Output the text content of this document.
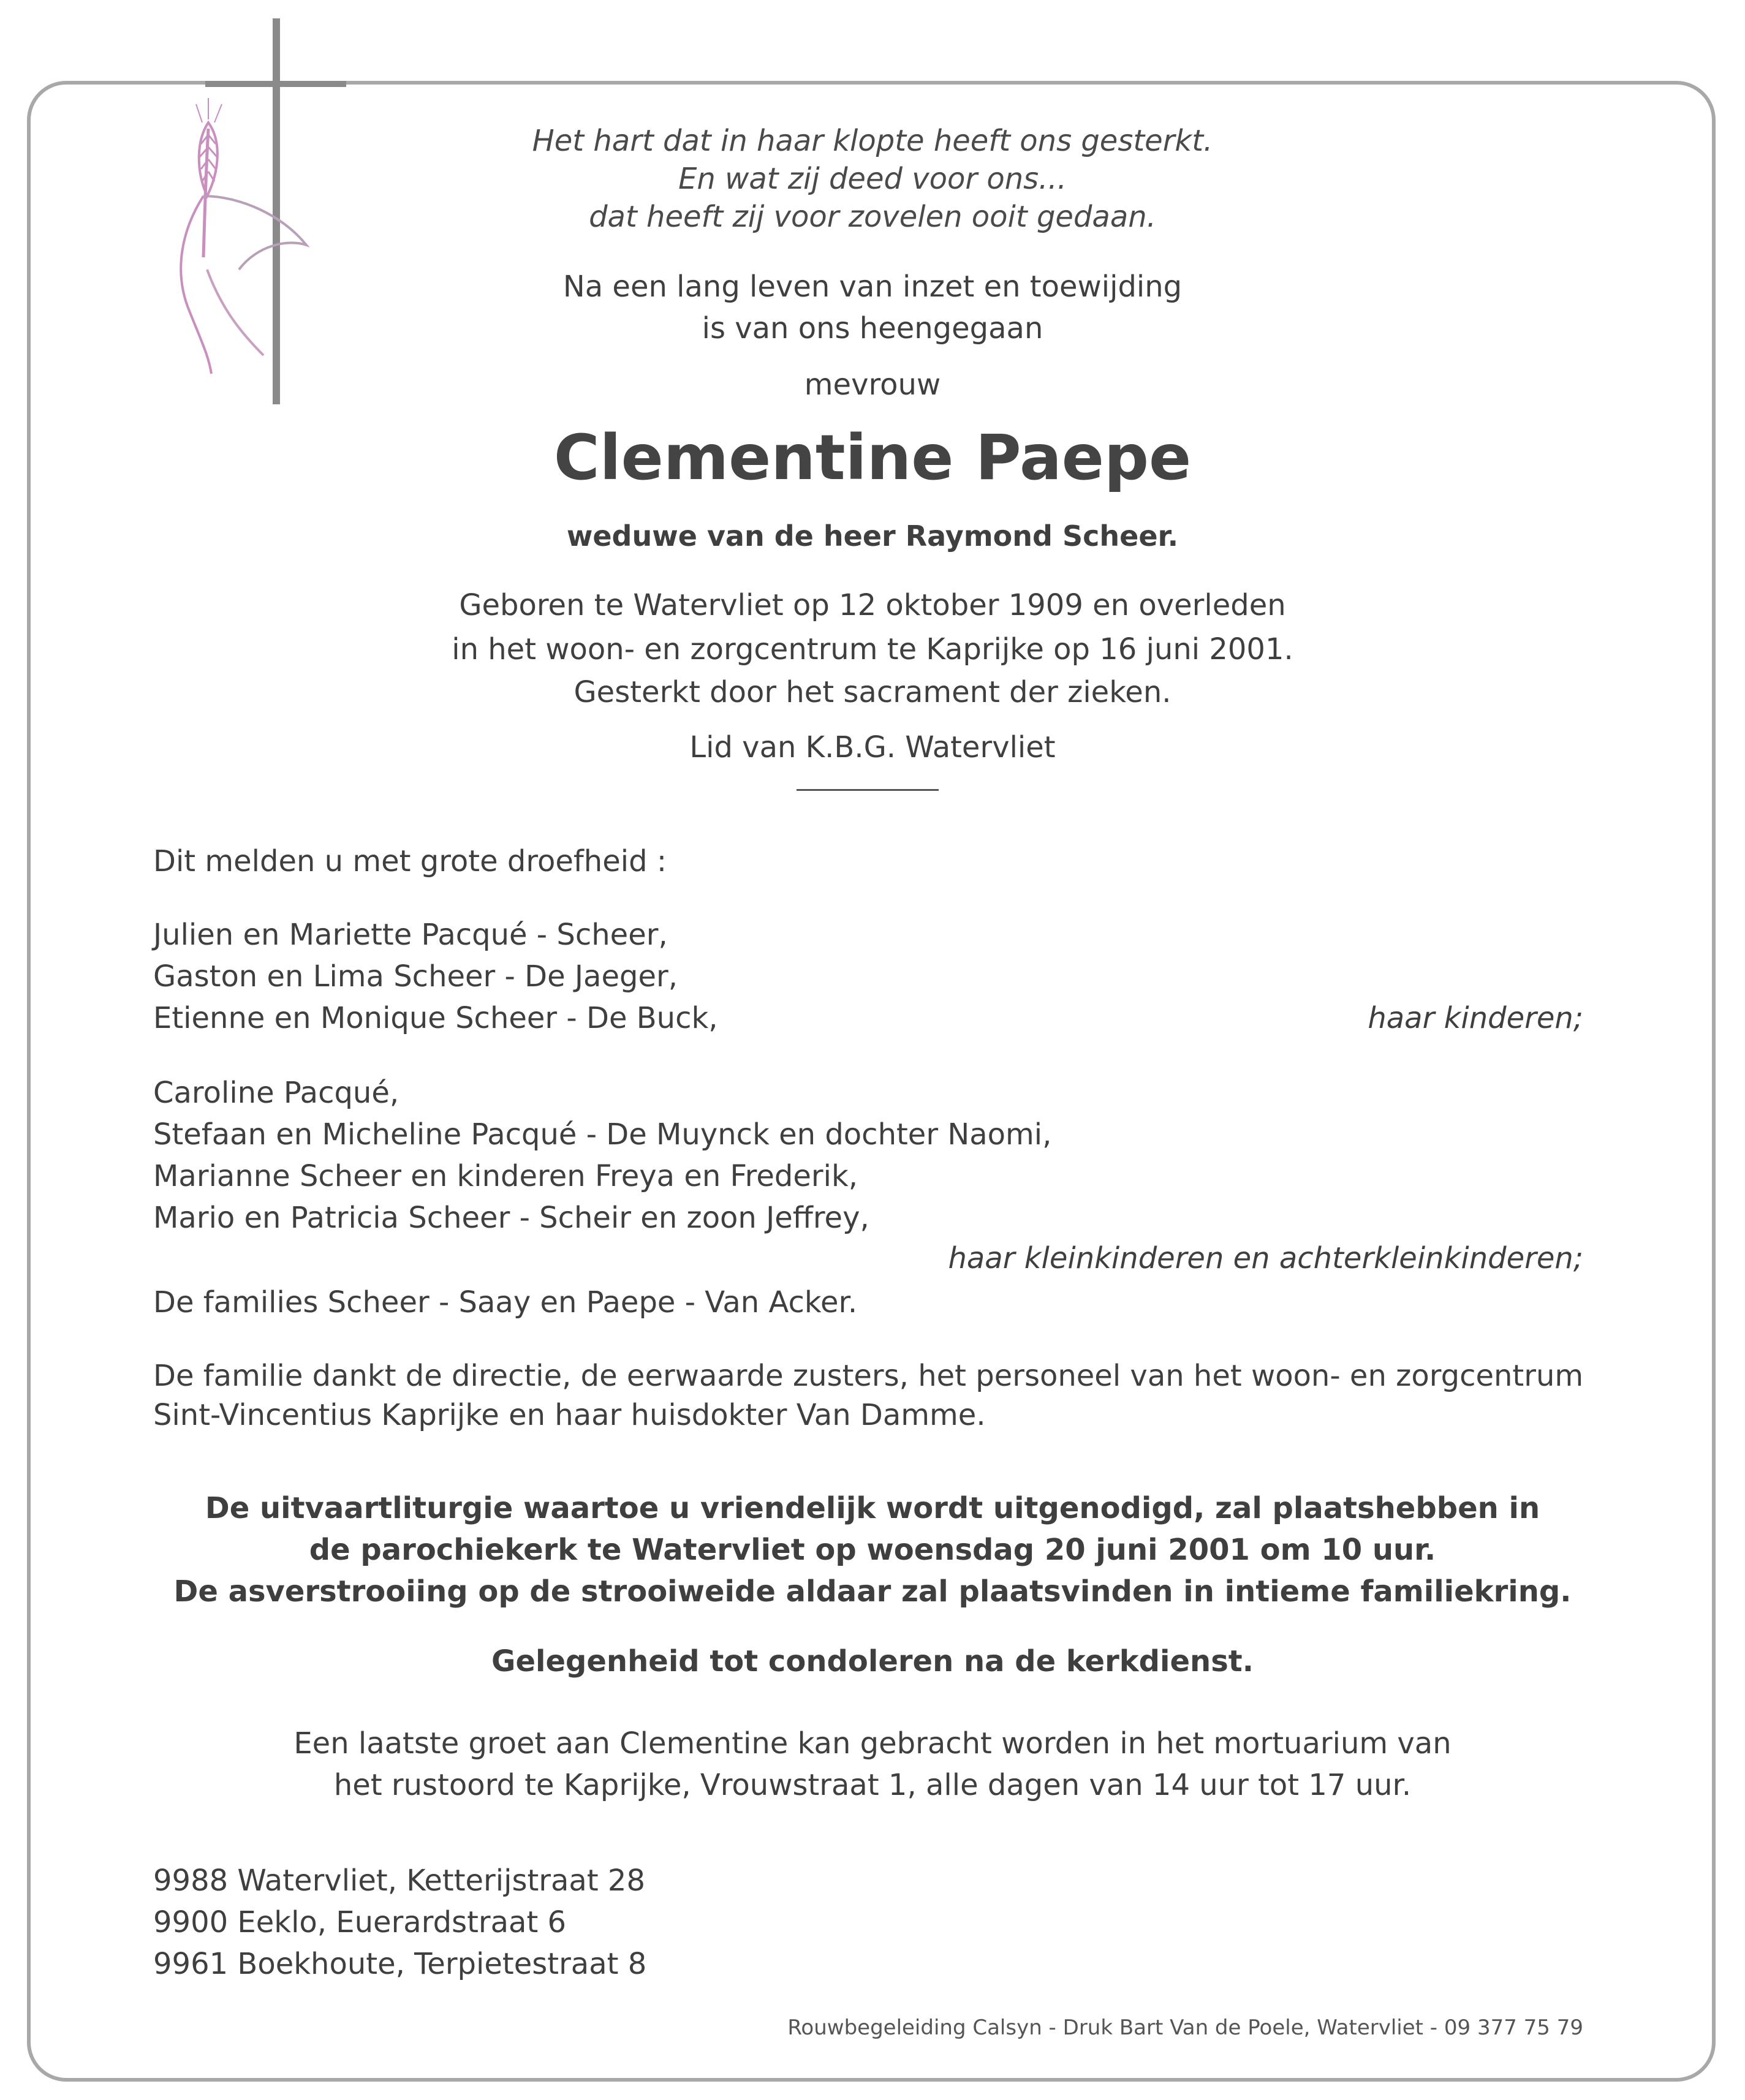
Het hart dat in haar klopte heeft ons gesterkt.
En wat zij deed voor ons...
dat heeft zij voor zovelen ooit gedaan.
Na een lang leven van inzet en toewijding
is van ons heengegaan
mevrouw
Clementine Paepe
weduwe van de heer Raymond Scheer.
Geboren te Watervliet op 12 oktober 1909 en overleden
in het woon- en zorgcentrum te Kaprijke op 16 juni 2001.
Gesterkt door het sacrament der zieken.
Lid van K.B.G. Watervliet
Dit melden u met grote droefheid :
Julien en Mariette Pacqué - Scheer,
Gaston en Lima Scheer - De Jaeger,
Etienne en Monique Scheer - De Buck,	haar kinderen;
Caroline Pacqué,
Stefaan en Micheline Pacqué - De Muynck en dochter Naomi,
Marianne Scheer en kinderen Freya en Frederik,
Mario en Patricia Scheer - Scheir en zoon Jeffrey,
haar kleinkinderen en achterkleinkinderen;
De families Scheer - Saay en Paepe - Van Acker.
De familie dankt de directie, de eerwaarde zusters, het personeel van het woon- en zorgcentrum
Sint-Vincentius Kaprijke en haar huisdokter Van Damme.
De uitvaartliturgie waartoe u vriendelijk wordt uitgenodigd, zal plaatshebben in
de parochiekerk te Watervliet op woensdag 20 juni 2001 om 10 uur.
De asverstrooiing op de strooiweide aldaar zal plaatsvinden in intieme familiekring.
Gelegenheid tot condoleren na de kerkdienst.
Een laatste groet aan Clementine kan gebracht worden in het mortuarium van
het rustoord te Kaprijke, Vrouwstraat 1, alle dagen van 14 uur tot 17 uur.
9988 Watervliet, Ketterijstraat 28
9900 Eeklo, Euerardstraat 6
9961 Boekhoute, Terpietestraat 8
Rouwbegeleiding Calsyn - Druk Bart Van de Poele, Watervliet - 09 377 75 79
